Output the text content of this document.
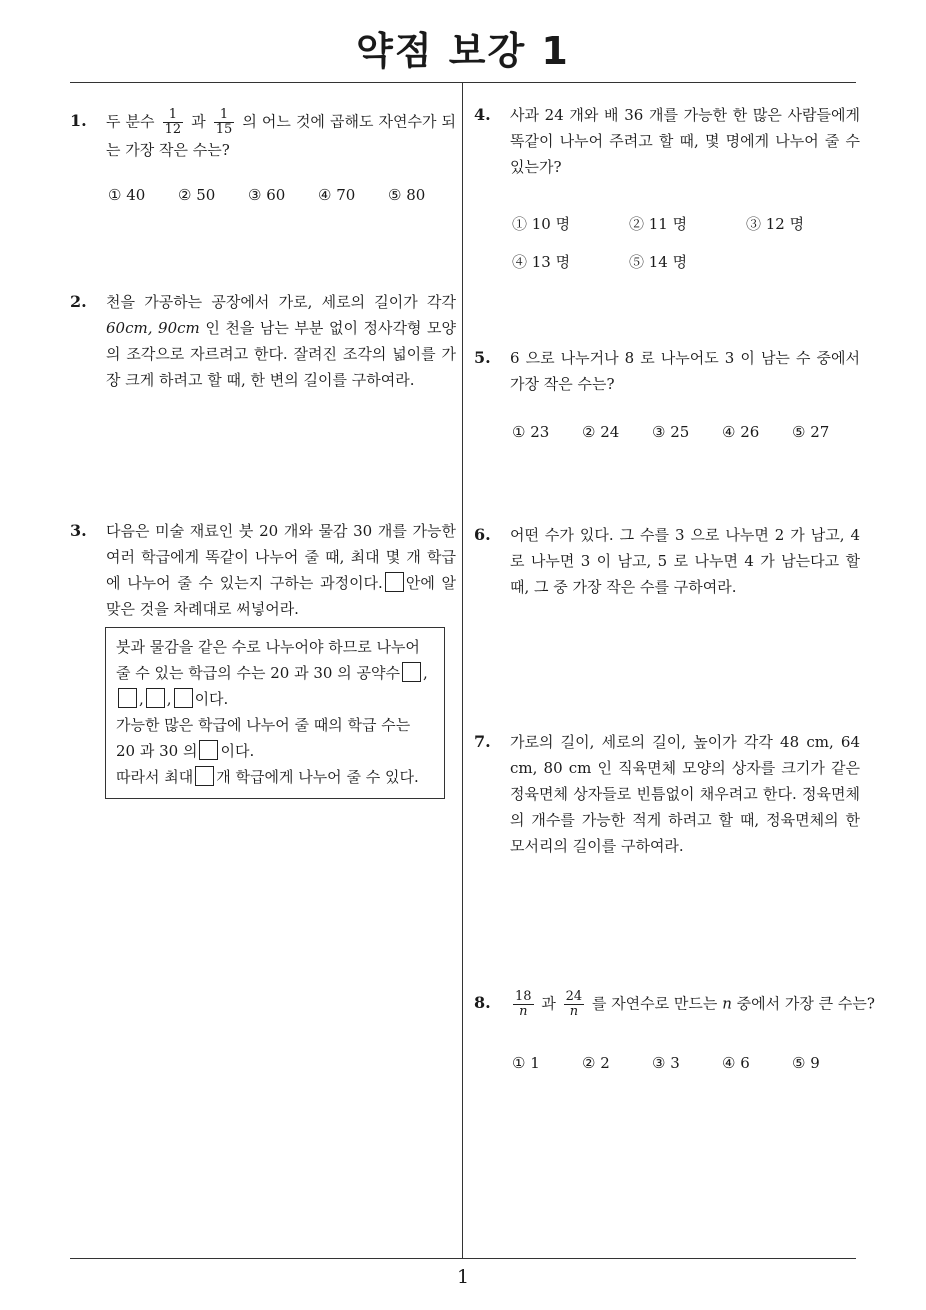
약점 보강 1
1
1. 두 분수 $\frac{1}{12}$ 과 $\frac{1}{15}$ 의 어느 것에 곱해도 자연수가 되는 가장 작은 수는?
① 40 ② 50 ③ 60 ④ 70 ⑤ 80
2. 천을 가공하는 공장에서 가로, 세로의 길이가 각각 60cm, 90cm 인 천을 남는 부분 없이 정사각형 모양의 조각으로 자르려고 한다. 잘려진 조각의 넓이를 가장 크게 하려고 할 때, 한 변의 길이를 구하여라.
3. 다음은 미술 재료인 붓 20 개와 물감 30 개를 가능한 여러 학급에게 똑같이 나누어 줄 때, 최대 몇 개 학급에 나누어 줄 수 있는지 구하는 과정이다. 안에 알맞은 것을 차례대로 써넣어라.
붓과 물감을 같은 수로 나누어야 하므로 나누어 줄 수 있는 학급의 수는 20 과 30 의 공약수 ,
, , 이다.
가능한 많은 학급에 나누어 줄 때의 학급 수는 20 과 30 의 이다.
따라서 최대 개 학급에게 나누어 줄 수 있다.
4. 사과 24 개와 배 36 개를 가능한 한 많은 사람들에게 똑같이 나누어 주려고 할 때, 몇 명에게 나누어 줄 수 있는가?
① 10 명	② 11 명	③ 12 명
④ 13 명	⑤ 14 명
5. 6 으로 나누거나 8 로 나누어도 3 이 남는 수 중에서 가장 작은 수는?
① 23 ② 24 ③ 25 ④ 26 ⑤ 27
6. 어떤 수가 있다. 그 수를 3 으로 나누면 2 가 남고, 4 로 나누면 3 이 남고, 5 로 나누면 4 가 남는다고 할 때, 그 중 가장 작은 수를 구하여라.
7. 가로의 길이, 세로의 길이, 높이가 각각 48 cm, 64 cm, 80 cm 인 직육면체 모양의 상자를 크기가 같은 정육면체 상자들로 빈틈없이 채우려고 한다. 정육면체의 개수를 가능한 적게 하려고 할 때, 정육면체의 한 모서리의 길이를 구하여라.
8. $\frac{18}{n}$ 과 $\frac{24}{n}$ 를 자연수로 만드는 n 중에서 가장 큰 수는?
① 1	② 2	③ 3	④ 6	⑤ 9
